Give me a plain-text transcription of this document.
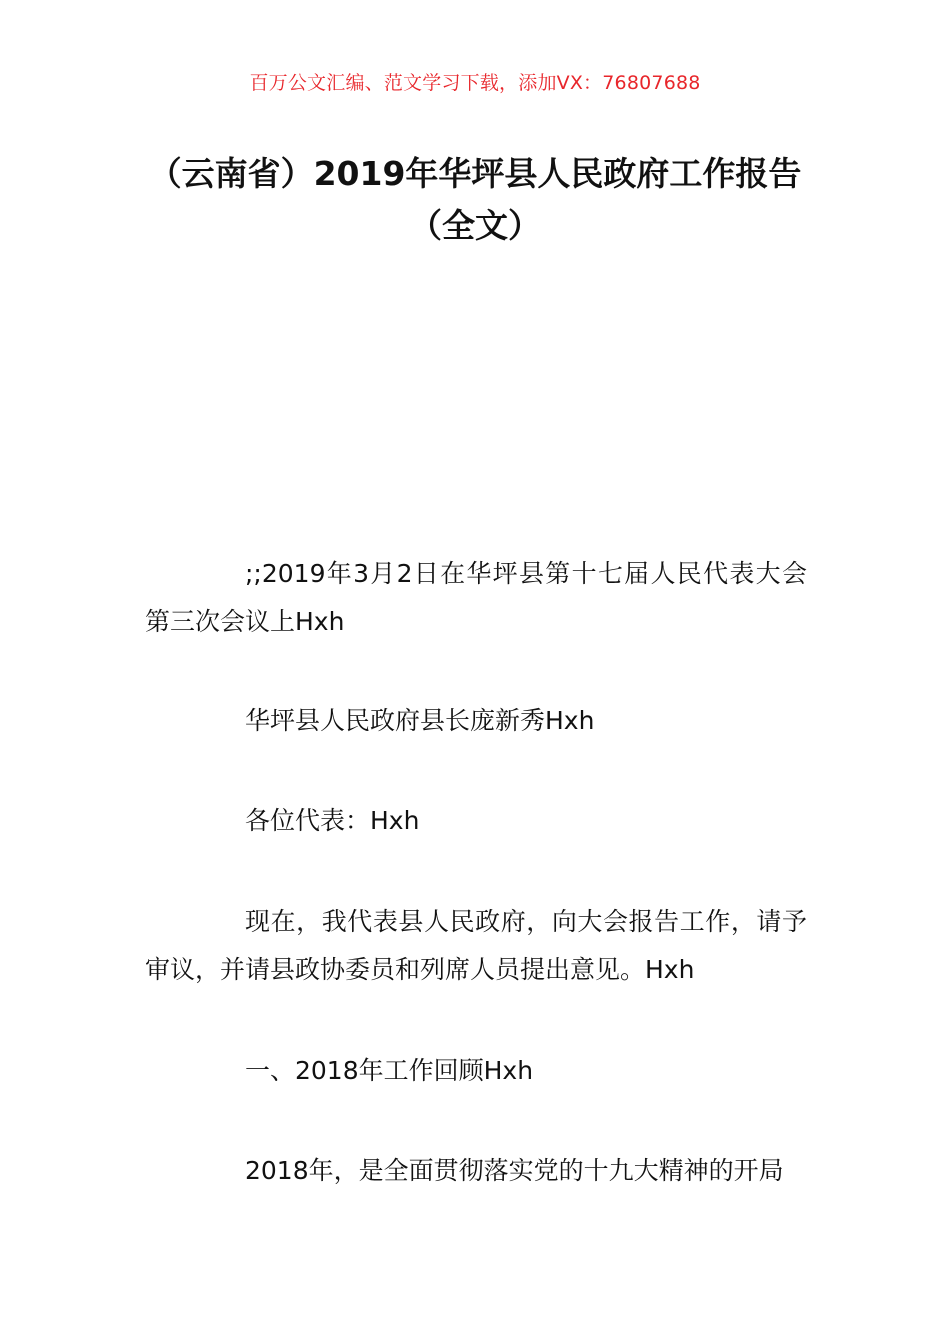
百万公文汇编、范文学习下载，添加VX：76807688
（云南省）2019年华坪县人民政府工作报告（全文）

;;2019年3月2日在华坪县第十七届人民代表大会第三次会议上Hxh

华坪县人民政府县长庞新秀Hxh

各位代表：Hxh

现在，我代表县人民政府，向大会报告工作，请予审议，并请县政协委员和列席人员提出意见。Hxh

一、2018年工作回顾Hxh

2018年，是全面贯彻落实党的十九大精神的开局
